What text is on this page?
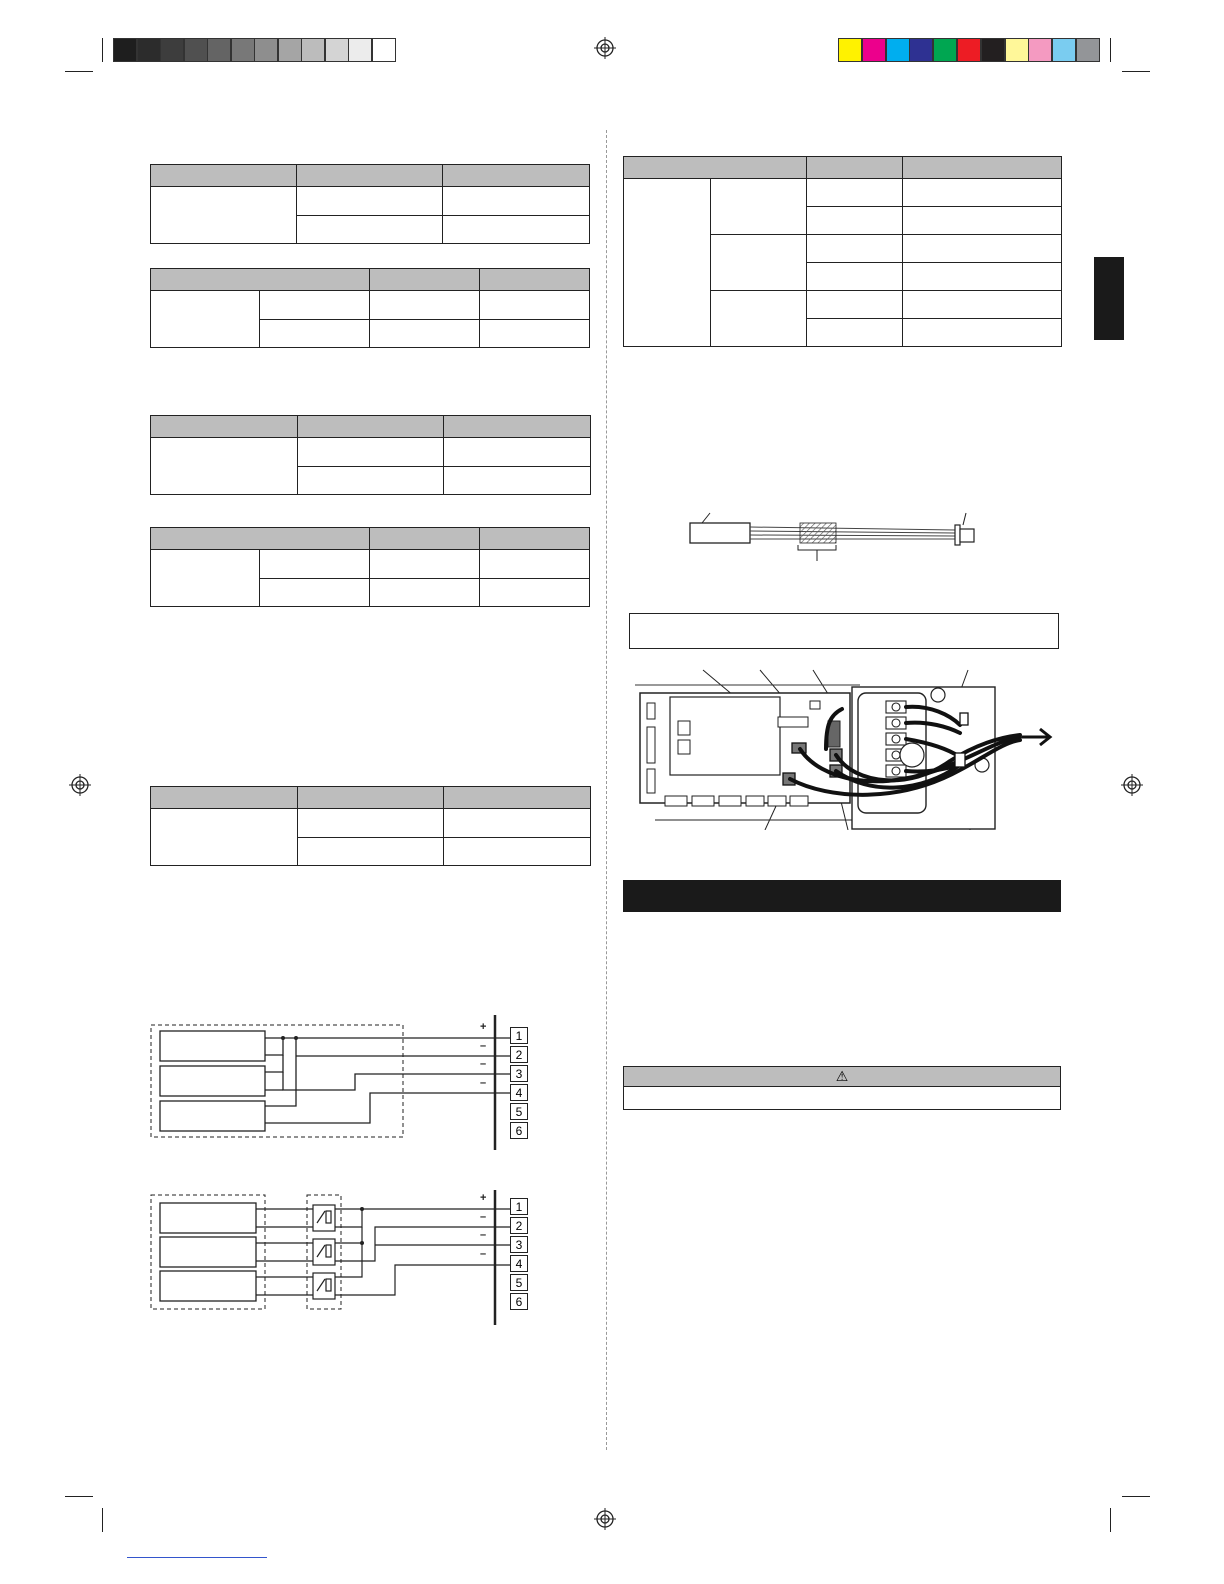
⚠
1
2
3
4
5
6
+
–
–
–
1
2
3
4
5
6
+
–
–
–
